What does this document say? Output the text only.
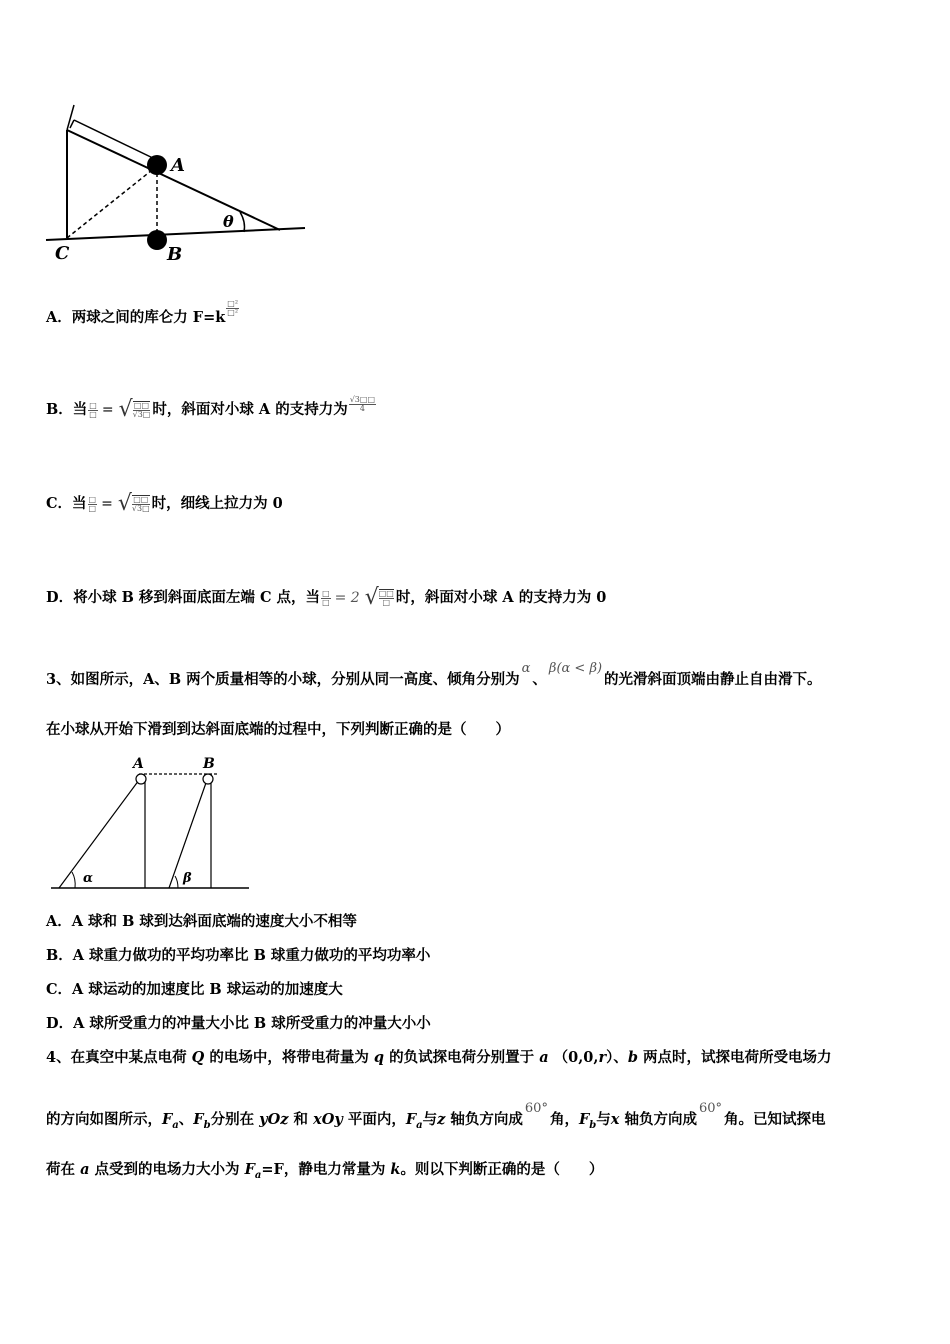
A
B
C
θ
A．两球之间的库仑力 F=k
$\frac{\text{□²}}{\text{□²}}$
B．当 $\frac{□}{□}$ = √ □□
√3□ 时，斜面对小球 A 的支持力为 $\frac{√3□□}{4}$
C．当 $\frac{□}{□}$ = √ □□
√3□ 时，细线上拉力为 0
D．将小球 B 移到斜面底面左端 C 点，当 $\frac{□}{□} = 2$ √ □□
□ 时，斜面对小球 A 的支持力为 0
3、如图所示，A、B 两个质量相等的小球，分别从同一高度、倾角分别为α、β(α < β)的光滑斜面顶端由静止自由滑下。
在小球从开始下滑到到达斜面底端的过程中，下列判断正确的是（　　）
A	B
α	β
A．A 球和 B 球到达斜面底端的速度大小不相等
B．A 球重力做功的平均功率比 B 球重力做功的平均功率小
C．A 球运动的加速度比 B 球运动的加速度大
D．A 球所受重力的冲量大小比 B 球所受重力的冲量大小小
4、在真空中某点电荷 Q 的电场中，将带电荷量为 q 的负试探电荷分别置于 a （0,0,r）、b 两点时，试探电荷所受电场力
的方向如图所示，$F_a$、$F_b$分别在 yOz 和 xOy 平面内，$F_a$与z 轴负方向成60°角，$F_b$与x 轴负方向成60°角。已知试探电
荷在 a 点受到的电场力大小为 $F_a=F$，静电力常量为 k。则以下判断正确的是（　　）
